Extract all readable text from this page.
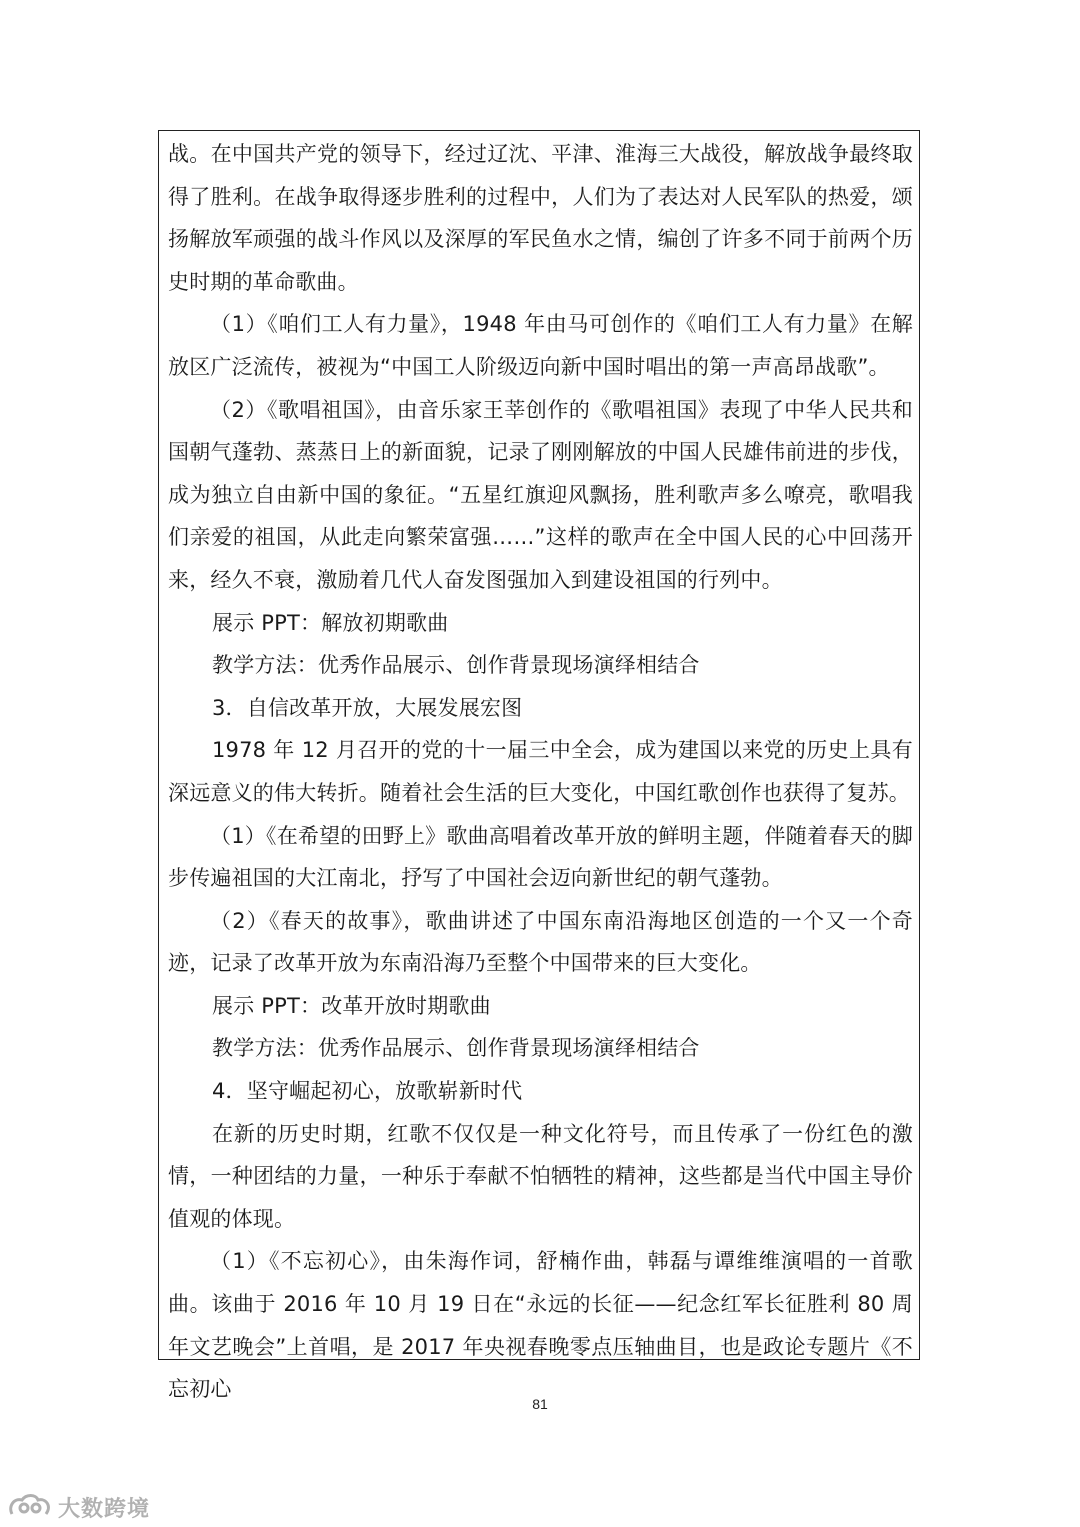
战。在中国共产党的领导下，经过辽沈、平津、淮海三大战役，解放战争最终取得了胜利。在战争取得逐步胜利的过程中，人们为了表达对人民军队的热爱，颂扬解放军顽强的战斗作风以及深厚的军民鱼水之情，编创了许多不同于前两个历史时期的革命歌曲。

（1）《咱们工人有力量》，1948 年由马可创作的《咱们工人有力量》在解放区广泛流传，被视为“中国工人阶级迈向新中国时唱出的第一声高昂战歌”。

（2）《歌唱祖国》，由音乐家王莘创作的《歌唱祖国》表现了中华人民共和国朝气蓬勃、蒸蒸日上的新面貌，记录了刚刚解放的中国人民雄伟前进的步伐，成为独立自由新中国的象征。“五星红旗迎风飘扬，胜利歌声多么嘹亮，歌唱我们亲爱的祖国，从此走向繁荣富强……”这样的歌声在全中国人民的心中回荡开来，经久不衰，激励着几代人奋发图强加入到建设祖国的行列中。

展示 PPT：解放初期歌曲

教学方法：优秀作品展示、创作背景现场演绎相结合

3．自信改革开放，大展发展宏图

1978 年 12 月召开的党的十一届三中全会，成为建国以来党的历史上具有深远意义的伟大转折。随着社会生活的巨大变化，中国红歌创作也获得了复苏。

（1）《在希望的田野上》歌曲高唱着改革开放的鲜明主题，伴随着春天的脚步传遍祖国的大江南北，抒写了中国社会迈向新世纪的朝气蓬勃。

（2）《春天的故事》，歌曲讲述了中国东南沿海地区创造的一个又一个奇迹，记录了改革开放为东南沿海乃至整个中国带来的巨大变化。

展示 PPT：改革开放时期歌曲

教学方法：优秀作品展示、创作背景现场演绎相结合

4．坚守崛起初心，放歌崭新时代

在新的历史时期，红歌不仅仅是一种文化符号，而且传承了一份红色的激情，一种团结的力量，一种乐于奉献不怕牺牲的精神，这些都是当代中国主导价值观的体现。

（1）《不忘初心》，由朱海作词，舒楠作曲，韩磊与谭维维演唱的一首歌曲。该曲于 2016 年 10 月 19 日在“永远的长征——纪念红军长征胜利 80 周年文艺晚会”上首唱，是 2017 年央视春晚零点压轴曲目，也是政论专题片《不忘初心

81
大数跨境
